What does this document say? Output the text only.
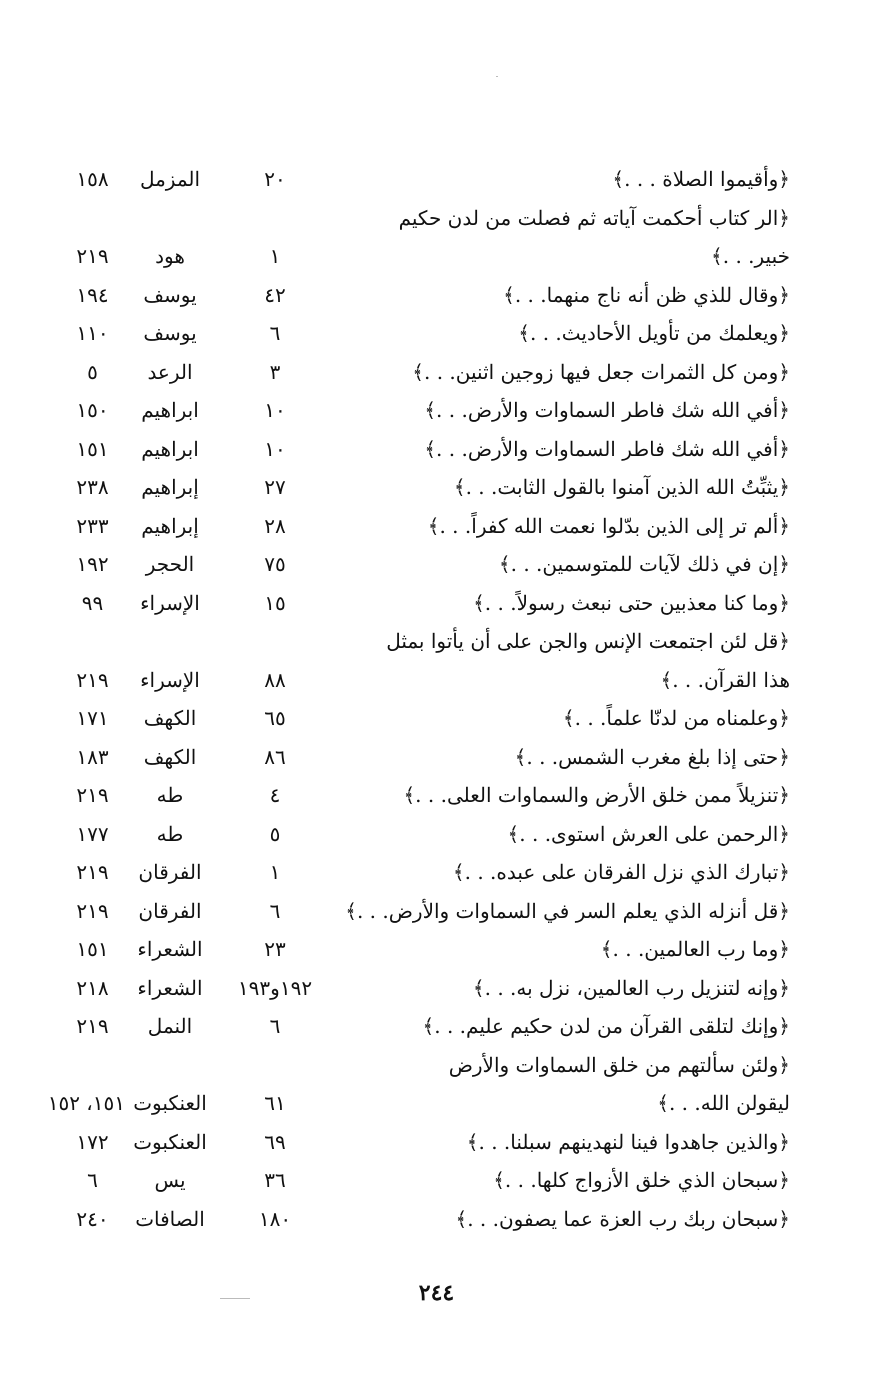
﴿وأقيموا الصلاة . . .﴾
٢٠
المزمل
١٥٨
﴿الر كتاب أحكمت آياته ثم فصلت من لدن حكيم
خبير. . .﴾
١
هود
٢١٩
﴿وقال للذي ظن أنه ناج منهما. . .﴾
٤٢
يوسف
١٩٤
﴿ويعلمك من تأويل الأحاديث. . .﴾
٦
يوسف
١١٠
﴿ومن كل الثمرات جعل فيها زوجين اثنين. . .﴾
٣
الرعد
٥
﴿أفي الله شك فاطر السماوات والأرض. . .﴾
١٠
ابراهيم
١٥٠
﴿أفي الله شك فاطر السماوات والأرض. . .﴾
١٠
ابراهيم
١٥١
﴿يثبِّتُ الله الذين آمنوا بالقول الثابت. . .﴾
٢٧
إبراهيم
٢٣٨
﴿ألم تر إلى الذين بدّلوا نعمت الله كفراً. . .﴾
٢٨
إبراهيم
٢٣٣
﴿إن في ذلك لآيات للمتوسمين. . .﴾
٧٥
الحجر
١٩٢
﴿وما كنا معذبين حتى نبعث رسولاً. . .﴾
١٥
الإسراء
٩٩
﴿قل لئن اجتمعت الإنس والجن على أن يأتوا بمثل
هذا القرآن. . .﴾
٨٨
الإسراء
٢١٩
﴿وعلمناه من لدنّا علماً. . .﴾
٦٥
الكهف
١٧١
﴿حتى إذا بلغ مغرب الشمس. . .﴾
٨٦
الكهف
١٨٣
﴿تنزيلاً ممن خلق الأرض والسماوات العلى. . .﴾
٤
طه
٢١٩
﴿الرحمن على العرش استوى. . .﴾
٥
طه
١٧٧
﴿تبارك الذي نزل الفرقان على عبده. . .﴾
١
الفرقان
٢١٩
﴿قل أنزله الذي يعلم السر في السماوات والأرض. . .﴾
٦
الفرقان
٢١٩
﴿وما رب العالمين. . .﴾
٢٣
الشعراء
١٥١
﴿وإنه لتنزيل رب العالمين، نزل به. . .﴾
١٩٢و١٩٣
الشعراء
٢١٨
﴿وإنك لتلقى القرآن من لدن حكيم عليم. . .﴾
٦
النمل
٢١٩
﴿ولئن سألتهم من خلق السماوات والأرض
ليقولن الله. . .﴾
٦١
العنكبوت
١٥١، ١٥٢
﴿والذين جاهدوا فينا لنهدينهم سبلنا. . .﴾
٦٩
العنكبوت
١٧٢
﴿سبحان الذي خلق الأزواج كلها. . .﴾
٣٦
يس
٦
﴿سبحان ربك رب العزة عما يصفون. . .﴾
١٨٠
الصافات
٢٤٠
٢٤٤
